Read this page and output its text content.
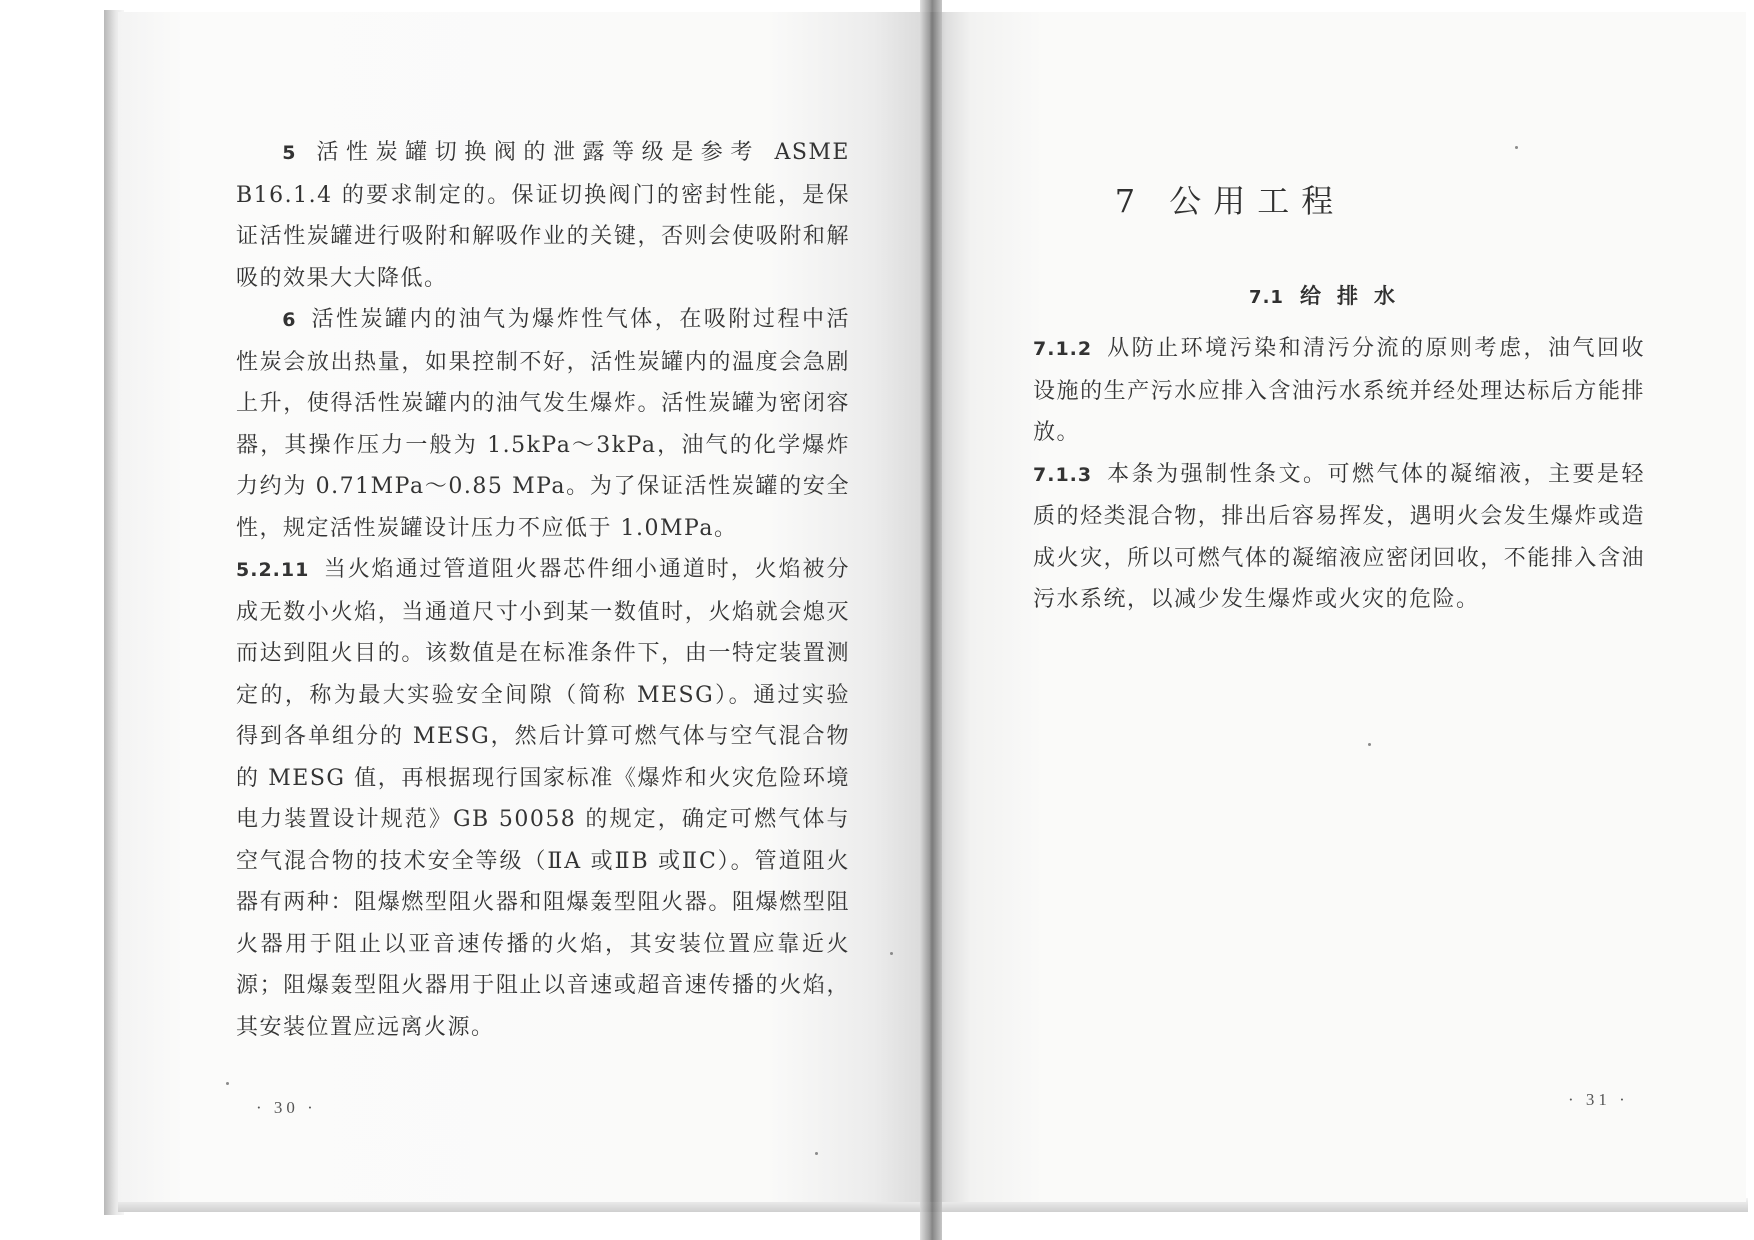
5 活性炭罐切换阀的泄露等级是参考 ASME B16.1.4 的要求制定的。保证切换阀门的密封性能，是保证活性炭罐进行吸附和解吸作业的关键，否则会使吸附和解吸的效果大大降低。

6 活性炭罐内的油气为爆炸性气体，在吸附过程中活性炭会放出热量，如果控制不好，活性炭罐内的温度会急剧上升，使得活性炭罐内的油气发生爆炸。活性炭罐为密闭容器，其操作压力一般为 1.5kPa～3kPa，油气的化学爆炸力约为 0.71MPa～0.85 MPa。为了保证活性炭罐的安全性，规定活性炭罐设计压力不应低于 1.0MPa。

5.2.11 当火焰通过管道阻火器芯件细小通道时，火焰被分成无数小火焰，当通道尺寸小到某一数值时，火焰就会熄灭而达到阻火目的。该数值是在标准条件下，由一特定装置测定的，称为最大实验安全间隙（简称 MESG）。通过实验得到各单组分的 MESG，然后计算可燃气体与空气混合物的 MESG 值，再根据现行国家标准《爆炸和火灾危险环境电力装置设计规范》GB 50058 的规定，确定可燃气体与空气混合物的技术安全等级（ⅡA 或ⅡB 或ⅡC）。管道阻火器有两种：阻爆燃型阻火器和阻爆轰型阻火器。阻爆燃型阻火器用于阻止以亚音速传播的火焰，其安装位置应靠近火源；阻爆轰型阻火器用于阻止以音速或超音速传播的火焰，其安装位置应远离火源。

· 30 ·
7 公用工程
7.1 给排水

7.1.2 从防止环境污染和清污分流的原则考虑，油气回收设施的生产污水应排入含油污水系统并经处理达标后方能排放。

7.1.3 本条为强制性条文。可燃气体的凝缩液，主要是轻质的烃类混合物，排出后容易挥发，遇明火会发生爆炸或造成火灾，所以可燃气体的凝缩液应密闭回收，不能排入含油污水系统，以减少发生爆炸或火灾的危险。

· 31 ·
